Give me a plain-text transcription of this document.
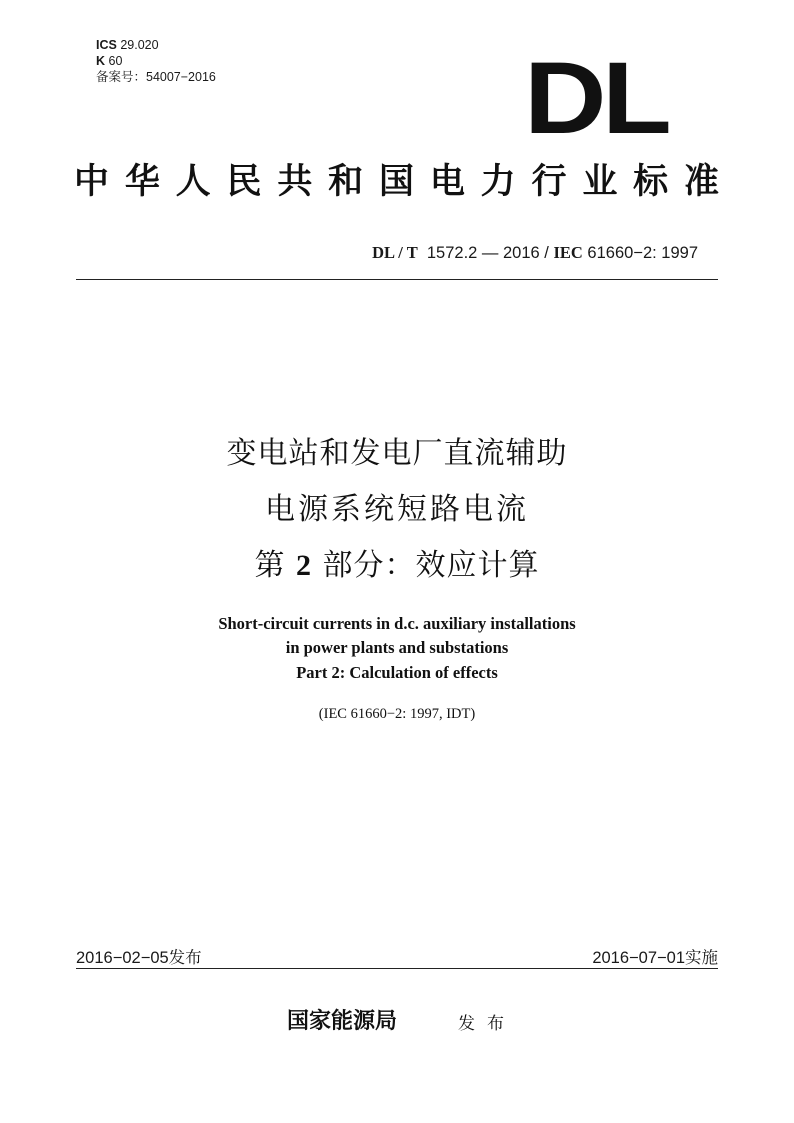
ICS 29.020
K 60
备案号：54007−2016	DL
中华人民共和国电力行业标准
DL / T 1572.2 — 2016 / IEC 61660−2: 1997
变电站和发电厂直流辅助
电源系统短路电流
第 2 部分：效应计算
Short-circuit currents in d.c. auxiliary installations
in power plants and substations
Part 2: Calculation of effects
(IEC 61660−2: 1997, IDT)
2016−02−05发布	2016−07−01实施
国家能源局	发布
